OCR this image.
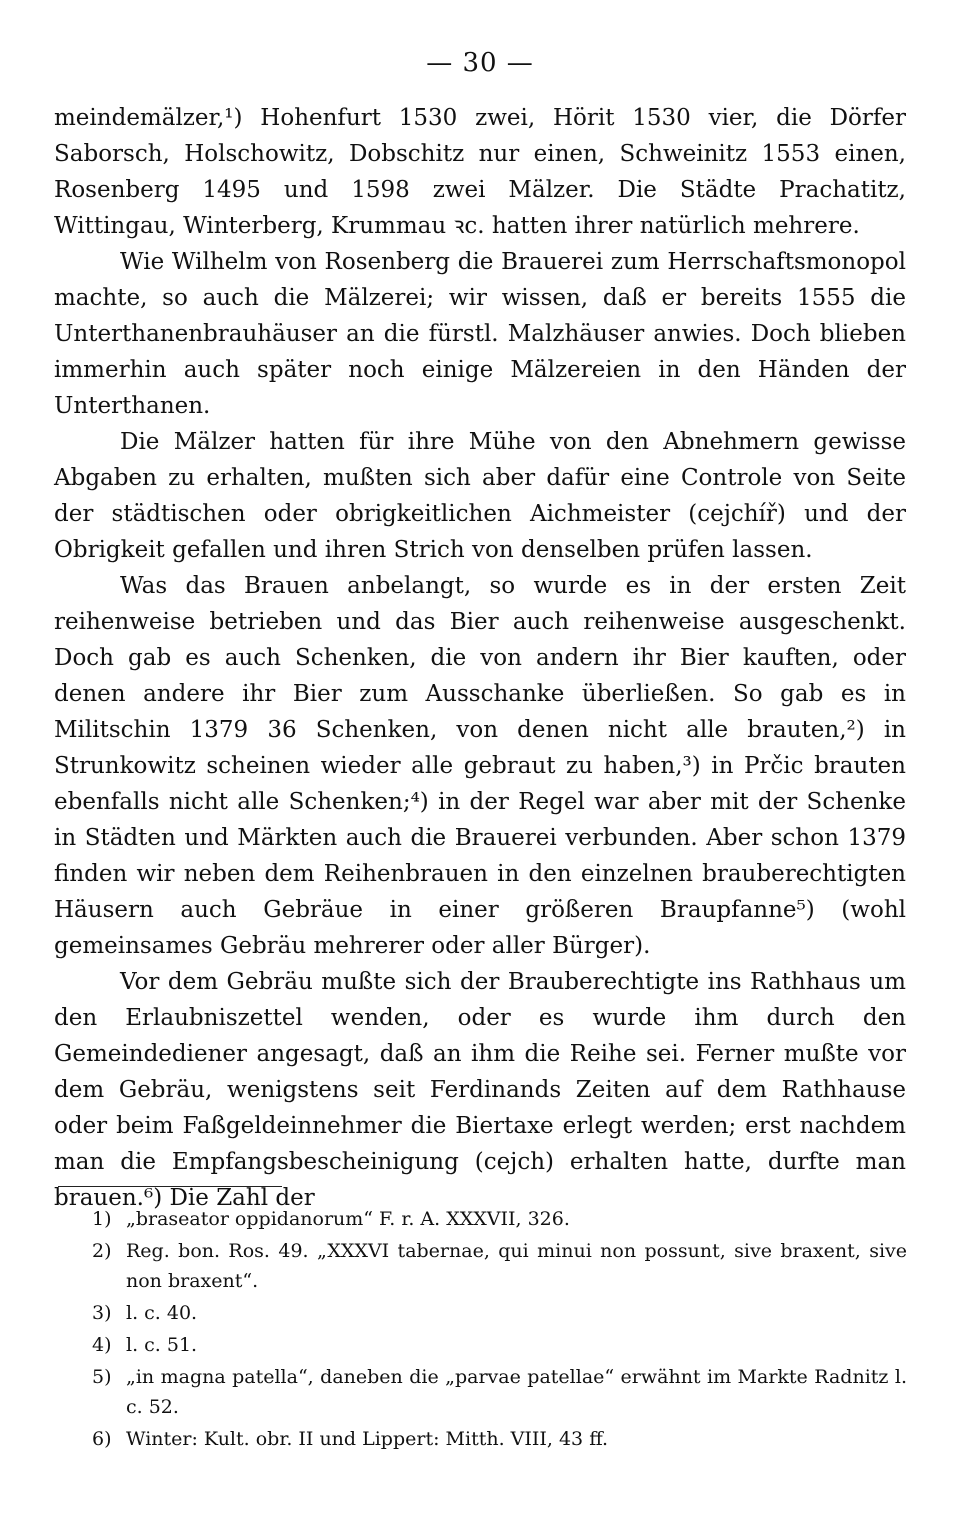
— 30 —

meindemälzer,¹) Hohenfurt 1530 zwei, Hörit 1530 vier, die Dörfer Saborsch, Holschowitz, Dobschitz nur einen, Schweinitz 1553 einen, Rosenberg 1495 und 1598 zwei Mälzer. Die Städte Prachatitz, Wittingau, Winterberg, Krummau ꝛc. hatten ihrer natürlich mehrere.

Wie Wilhelm von Rosenberg die Brauerei zum Herrschaftsmonopol machte, so auch die Mälzerei; wir wissen, daß er bereits 1555 die Unterthanenbrauhäuser an die fürstl. Malzhäuser anwies. Doch blieben immerhin auch später noch einige Mälzereien in den Händen der Unterthanen.

Die Mälzer hatten für ihre Mühe von den Abnehmern gewisse Abgaben zu erhalten, mußten sich aber dafür eine Controle von Seite der städtischen oder obrigkeitlichen Aichmeister (cejchíř) und der Obrigkeit gefallen und ihren Strich von denselben prüfen lassen.

Was das Brauen anbelangt, so wurde es in der ersten Zeit reihenweise betrieben und das Bier auch reihenweise ausgeschenkt. Doch gab es auch Schenken, die von andern ihr Bier kauften, oder denen andere ihr Bier zum Ausschanke überließen. So gab es in Militschin 1379 36 Schenken, von denen nicht alle brauten,²) in Strunkowitz scheinen wieder alle gebraut zu haben,³) in Prčic brauten ebenfalls nicht alle Schenken;⁴) in der Regel war aber mit der Schenke in Städten und Märkten auch die Brauerei verbunden. Aber schon 1379 finden wir neben dem Reihenbrauen in den einzelnen brauberechtigten Häusern auch Gebräue in einer größeren Braupfanne⁵) (wohl gemeinsames Gebräu mehrerer oder aller Bürger).

Vor dem Gebräu mußte sich der Brauberechtigte ins Rathhaus um den Erlaubniszettel wenden, oder es wurde ihm durch den Gemeindediener angesagt, daß an ihm die Reihe sei. Ferner mußte vor dem Gebräu, wenigstens seit Ferdinands Zeiten auf dem Rathhause oder beim Faßgeldeinnehmer die Biertaxe erlegt werden; erst nachdem man die Empfangsbescheinigung (cejch) erhalten hatte, durfte man brauen.⁶) Die Zahl der

1) „braseator oppidanorum“ F. r. A. XXXVII, 326.
2) Reg. bon. Ros. 49. „XXXVI tabernae, qui minui non possunt, sive braxent, sive non braxent“.
3) l. c. 40.
4) l. c. 51.
5) „in magna patella“, daneben die „parvae patellae“ erwähnt im Markte Radnitz l. c. 52.
6) Winter: Kult. obr. II und Lippert: Mitth. VIII, 43 ff.
